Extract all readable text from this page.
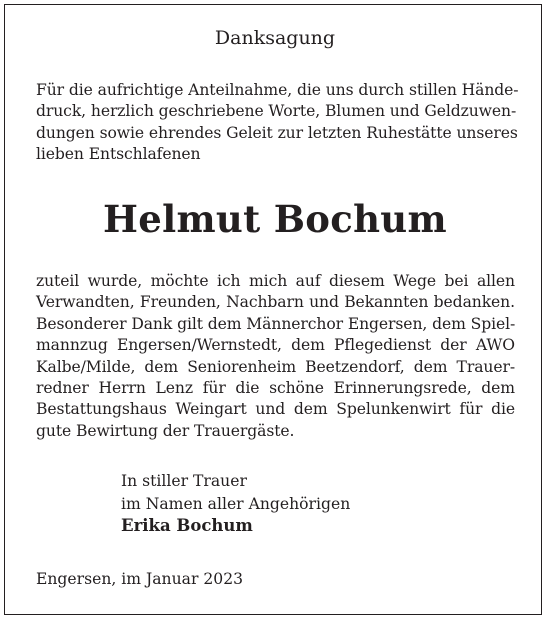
Danksagung
Für die aufrichtige Anteilnahme, die uns durch stillen Hände-
druck, herzlich geschriebene Worte, Blumen und Geldzuwen-
dungen sowie ehrendes Geleit zur letzten Ruhestätte unseres
lieben Entschlafenen
Helmut Bochum
zuteil wurde, möchte ich mich auf diesem Wege bei allen
Verwandten, Freunden, Nachbarn und Bekannten bedanken.
Besonderer Dank gilt dem Männerchor Engersen, dem Spiel-
mannzug Engersen/Wernstedt, dem Pflegedienst der AWO
Kalbe/Milde, dem Seniorenheim Beetzendorf, dem Trauer-
redner Herrn Lenz für die schöne Erinnerungsrede, dem
Bestattungshaus Weingart und dem Spelunkenwirt für die
gute Bewirtung der Trauergäste.
In stiller Trauer
im Namen aller Angehörigen
Erika Bochum
Engersen, im Januar 2023
